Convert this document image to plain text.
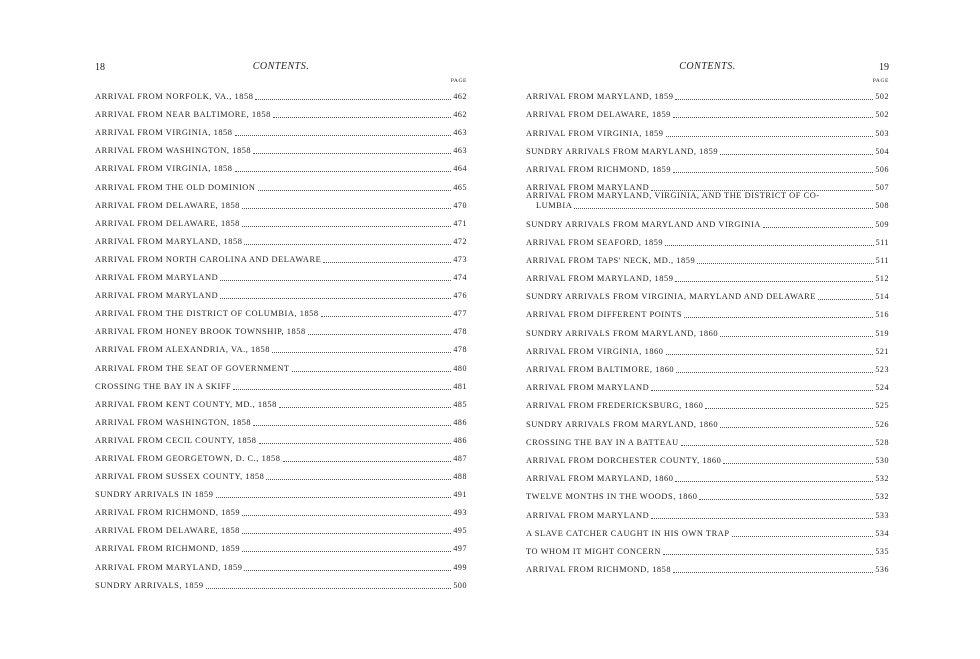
18	CONTENTS.
PAGE
ARRIVAL FROM NORFOLK, VA., 1858	462
ARRIVAL FROM NEAR BALTIMORE, 1858	462
ARRIVAL FROM VIRGINIA, 1858	463
ARRIVAL FROM WASHINGTON, 1858	463
ARRIVAL FROM VIRGINIA, 1858	464
ARRIVAL FROM THE OLD DOMINION	465
ARRIVAL FROM DELAWARE, 1858	470
ARRIVAL FROM DELAWARE, 1858	471
ARRIVAL FROM MARYLAND, 1858	472
ARRIVAL FROM NORTH CAROLINA AND DELAWARE	473
ARRIVAL FROM MARYLAND	474
ARRIVAL FROM MARYLAND	476
ARRIVAL FROM THE DISTRICT OF COLUMBIA, 1858	477
ARRIVAL FROM HONEY BROOK TOWNSHIP, 1858	478
ARRIVAL FROM ALEXANDRIA, VA., 1858	478
ARRIVAL FROM THE SEAT OF GOVERNMENT	480
CROSSING THE BAY IN A SKIFF	481
ARRIVAL FROM KENT COUNTY, MD., 1858	485
ARRIVAL FROM WASHINGTON, 1858	486
ARRIVAL FROM CECIL COUNTY, 1858	486
ARRIVAL FROM GEORGETOWN, D. C., 1858	487
ARRIVAL FROM SUSSEX COUNTY, 1858	488
SUNDRY ARRIVALS IN 1859	491
ARRIVAL FROM RICHMOND, 1859	493
ARRIVAL FROM DELAWARE, 1858	495
ARRIVAL FROM RICHMOND, 1859	497
ARRIVAL FROM MARYLAND, 1859	499
SUNDRY ARRIVALS, 1859	500
19
CONTENTS.
PAGE
ARRIVAL FROM MARYLAND, 1859	502
ARRIVAL FROM DELAWARE, 1859	502
ARRIVAL FROM VIRGINIA, 1859	503
SUNDRY ARRIVALS FROM MARYLAND, 1859	504
ARRIVAL FROM RICHMOND, 1859	506
ARRIVAL FROM MARYLAND	507
ARRIVAL FROM MARYLAND, VIRGINIA, AND THE DISTRICT OF CO-
LUMBIA	508
SUNDRY ARRIVALS FROM MARYLAND AND VIRGINIA	509
ARRIVAL FROM SEAFORD, 1859	511
ARRIVAL FROM TAPS' NECK, MD., 1859	511
ARRIVAL FROM MARYLAND, 1859	512
SUNDRY ARRIVALS FROM VIRGINIA, MARYLAND AND DELAWARE	514
ARRIVAL FROM DIFFERENT POINTS	516
SUNDRY ARRIVALS FROM MARYLAND, 1860	519
ARRIVAL FROM VIRGINIA, 1860	521
ARRIVAL FROM BALTIMORE, 1860	523
ARRIVAL FROM MARYLAND	524
ARRIVAL FROM FREDERICKSBURG, 1860	525
SUNDRY ARRIVALS FROM MARYLAND, 1860	526
CROSSING THE BAY IN A BATTEAU	528
ARRIVAL FROM DORCHESTER COUNTY, 1860	530
ARRIVAL FROM MARYLAND, 1860	532
TWELVE MONTHS IN THE WOODS, 1860	532
ARRIVAL FROM MARYLAND	533
A SLAVE CATCHER CAUGHT IN HIS OWN TRAP	534
TO WHOM IT MIGHT CONCERN	535
ARRIVAL FROM RICHMOND, 1858	536
